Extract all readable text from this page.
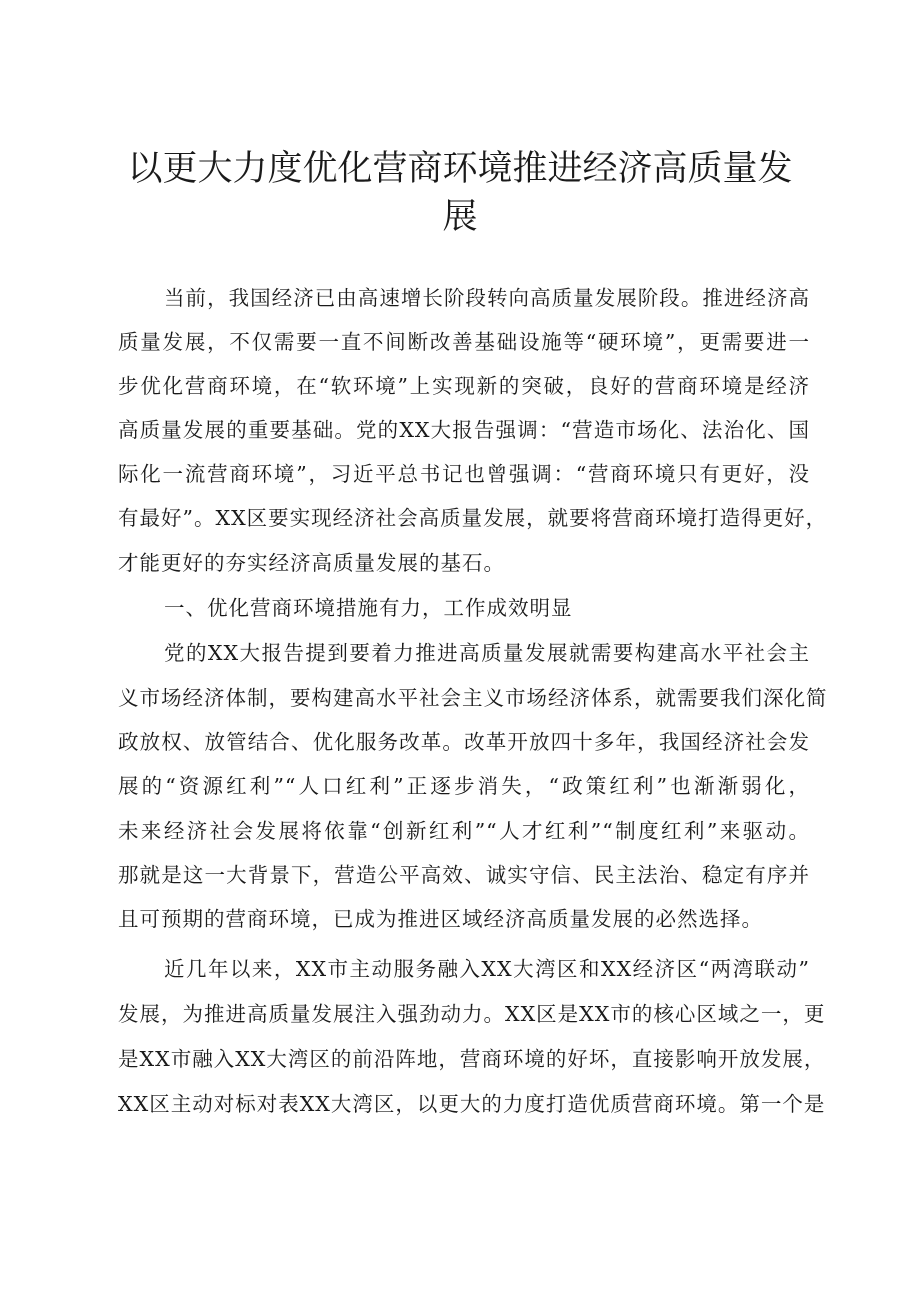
以更大力度优化营商环境推进经济高质量发
展
当前，我国经济已由高速增长阶段转向高质量发展阶段。推进经济高
质量发展，不仅需要一直不间断改善基础设施等“硬环境”，更需要进一
步优化营商环境，在“软环境”上实现新的突破，良好的营商环境是经济
高质量发展的重要基础。党的XX大报告强调：“营造市场化、法治化、国
际化一流营商环境”，习近平总书记也曾强调：“营商环境只有更好，没
有最好”。XX区要实现经济社会高质量发展，就要将营商环境打造得更好，
才能更好的夯实经济高质量发展的基石。
一、优化营商环境措施有力，工作成效明显
党的XX大报告提到要着力推进高质量发展就需要构建高水平社会主
义市场经济体制，要构建高水平社会主义市场经济体系，就需要我们深化简
政放权、放管结合、优化服务改革。改革开放四十多年，我国经济社会发
展的“资源红利”“人口红利”正逐步消失，“政策红利”也渐渐弱化，
未来经济社会发展将依靠“创新红利”“人才红利”“制度红利”来驱动。
那就是这一大背景下，营造公平高效、诚实守信、民主法治、稳定有序并
且可预期的营商环境，已成为推进区域经济高质量发展的必然选择。
近几年以来，XX市主动服务融入XX大湾区和XX经济区“两湾联动”
发展，为推进高质量发展注入强劲动力。XX区是XX市的核心区域之一，更
是XX市融入XX大湾区的前沿阵地，营商环境的好坏，直接影响开放发展，
XX区主动对标对表XX大湾区，以更大的力度打造优质营商环境。第一个是
